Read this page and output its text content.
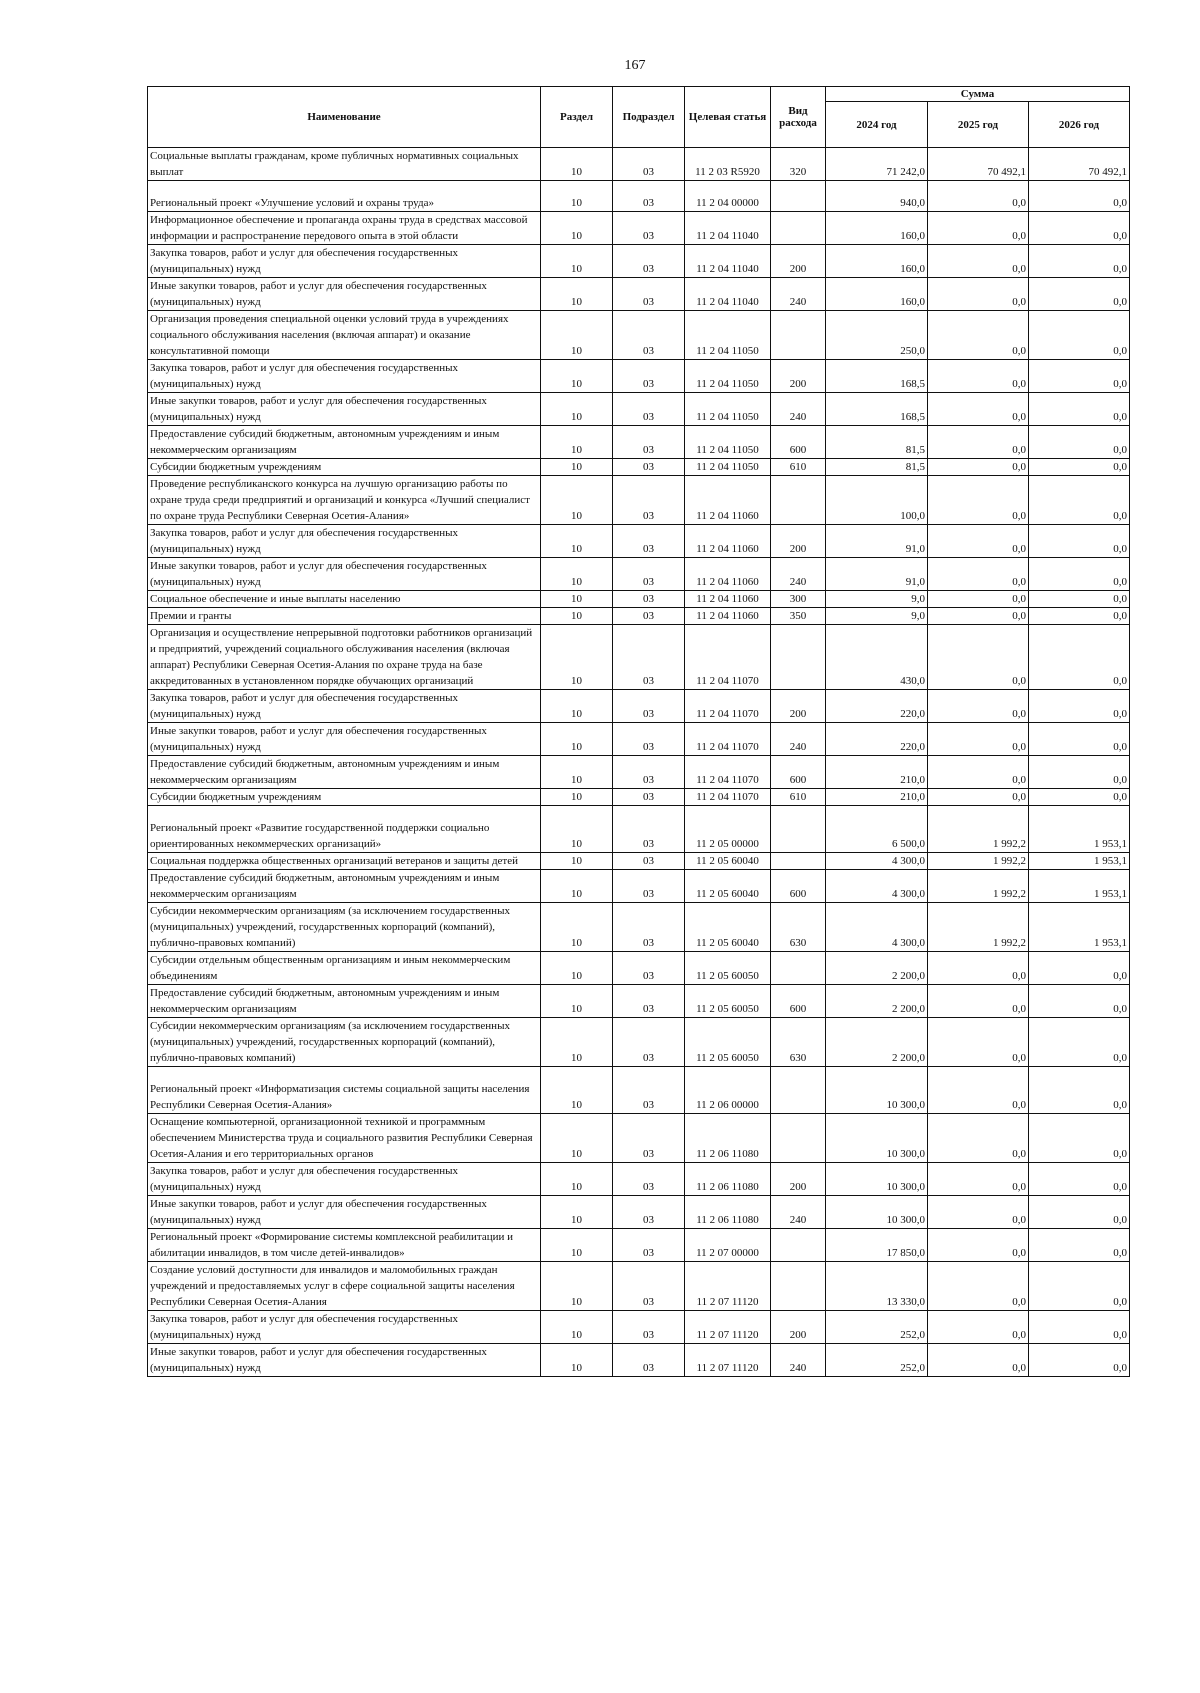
167
Наименование	Раздел	Подраздел	Целевая статья	Вид расхода	Сумма		
					2024 год	2025 год	2026 год
Социальные выплаты гражданам, кроме публичных нормативных социальных выплат	10	03	11 2 03 R5920	320	71 242,0	70 492,1	70 492,1
Региональный проект «Улучшение условий и охраны труда»	10	03	11 2 04 00000		940,0	0,0	0,0
Информационное обеспечение и пропаганда охраны труда в средствах массовой информации и распространение передового опыта в этой области	10	03	11 2 04 11040		160,0	0,0	0,0
Закупка товаров, работ и услуг для обеспечения государственных (муниципальных) нужд	10	03	11 2 04 11040	200	160,0	0,0	0,0
Иные закупки товаров, работ и услуг для обеспечения государственных (муниципальных) нужд	10	03	11 2 04 11040	240	160,0	0,0	0,0
Организация проведения специальной оценки условий труда в учреждениях социального обслуживания населения (включая аппарат) и оказание консультативной помощи	10	03	11 2 04 11050		250,0	0,0	0,0
Закупка товаров, работ и услуг для обеспечения государственных (муниципальных) нужд	10	03	11 2 04 11050	200	168,5	0,0	0,0
Иные закупки товаров, работ и услуг для обеспечения государственных (муниципальных) нужд	10	03	11 2 04 11050	240	168,5	0,0	0,0
Предоставление субсидий бюджетным, автономным учреждениям и иным некоммерческим организациям	10	03	11 2 04 11050	600	81,5	0,0	0,0
Субсидии бюджетным учреждениям	10	03	11 2 04 11050	610	81,5	0,0	0,0
Проведение республиканского конкурса на лучшую организацию работы по охране труда среди предприятий и организаций и конкурса «Лучший специалист по охране труда Республики Северная Осетия-Алания»	10	03	11 2 04 11060		100,0	0,0	0,0
Закупка товаров, работ и услуг для обеспечения государственных (муниципальных) нужд	10	03	11 2 04 11060	200	91,0	0,0	0,0
Иные закупки товаров, работ и услуг для обеспечения государственных (муниципальных) нужд	10	03	11 2 04 11060	240	91,0	0,0	0,0
Социальное обеспечение и иные выплаты населению	10	03	11 2 04 11060	300	9,0	0,0	0,0
Премии и гранты	10	03	11 2 04 11060	350	9,0	0,0	0,0
Организация и осуществление непрерывной подготовки работников организаций и предприятий, учреждений социального обслуживания населения (включая аппарат) Республики Северная Осетия-Алания по охране труда на базе аккредитованных в установленном порядке обучающих организаций	10	03	11 2 04 11070		430,0	0,0	0,0
Закупка товаров, работ и услуг для обеспечения государственных (муниципальных) нужд	10	03	11 2 04 11070	200	220,0	0,0	0,0
Иные закупки товаров, работ и услуг для обеспечения государственных (муниципальных) нужд	10	03	11 2 04 11070	240	220,0	0,0	0,0
Предоставление субсидий бюджетным, автономным учреждениям и иным некоммерческим организациям	10	03	11 2 04 11070	600	210,0	0,0	0,0
Субсидии бюджетным учреждениям	10	03	11 2 04 11070	610	210,0	0,0	0,0
Региональный проект «Развитие государственной поддержки социально ориентированных некоммерческих организаций»	10	03	11 2 05 00000		6 500,0	1 992,2	1 953,1
Социальная поддержка общественных организаций ветеранов и защиты детей	10	03	11 2 05 60040		4 300,0	1 992,2	1 953,1
Предоставление субсидий бюджетным, автономным учреждениям и иным некоммерческим организациям	10	03	11 2 05 60040	600	4 300,0	1 992,2	1 953,1
Субсидии некоммерческим организациям (за исключением государственных (муниципальных) учреждений, государственных корпораций (компаний), публично-правовых компаний)	10	03	11 2 05 60040	630	4 300,0	1 992,2	1 953,1
Субсидии отдельным общественным организациям и иным некоммерческим объединениям	10	03	11 2 05 60050		2 200,0	0,0	0,0
Предоставление субсидий бюджетным, автономным учреждениям и иным некоммерческим организациям	10	03	11 2 05 60050	600	2 200,0	0,0	0,0
Субсидии некоммерческим организациям (за исключением государственных (муниципальных) учреждений, государственных корпораций (компаний), публично-правовых компаний)	10	03	11 2 05 60050	630	2 200,0	0,0	0,0
Региональный проект «Информатизация системы социальной защиты населения Республики Северная Осетия-Алания»	10	03	11 2 06 00000		10 300,0	0,0	0,0
Оснащение компьютерной, организационной техникой и программным обеспечением Министерства труда и социального развития Республики Северная Осетия-Алания и его территориальных органов	10	03	11 2 06 11080		10 300,0	0,0	0,0
Закупка товаров, работ и услуг для обеспечения государственных (муниципальных) нужд	10	03	11 2 06 11080	200	10 300,0	0,0	0,0
Иные закупки товаров, работ и услуг для обеспечения государственных (муниципальных) нужд	10	03	11 2 06 11080	240	10 300,0	0,0	0,0
Региональный проект «Формирование системы комплексной реабилитации и абилитации инвалидов, в том числе детей-инвалидов»	10	03	11 2 07 00000		17 850,0	0,0	0,0
Создание условий доступности для инвалидов и маломобильных граждан учреждений и предоставляемых услуг в сфере социальной защиты населения Республики Северная Осетия-Алания	10	03	11 2 07 11120		13 330,0	0,0	0,0
Закупка товаров, работ и услуг для обеспечения государственных (муниципальных) нужд	10	03	11 2 07 11120	200	252,0	0,0	0,0
Иные закупки товаров, работ и услуг для обеспечения государственных (муниципальных) нужд	10	03	11 2 07 11120	240	252,0	0,0	0,0
